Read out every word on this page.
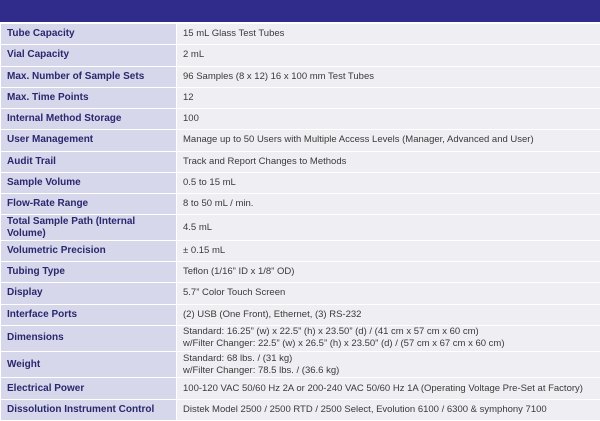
Tube Capacity	15 mL Glass Test Tubes
Vial Capacity	2 mL
Max. Number of Sample Sets	96 Samples (8 x 12) 16 x 100 mm Test Tubes
Max. Time Points	12
Internal Method Storage	100
User Management	Manage up to 50 Users with Multiple Access Levels (Manager, Advanced and User)
Audit Trail	Track and Report Changes to Methods
Sample Volume	0.5 to 15 mL
Flow-Rate Range	8 to 50 mL / min.
Total Sample Path (Internal Volume)	4.5 mL
Volumetric Precision	± 0.15 mL
Tubing Type	Teflon (1/16” ID x 1/8” OD)
Display	5.7” Color Touch Screen
Interface Ports	(2) USB (One Front), Ethernet, (3) RS-232
Dimensions	Standard: 16.25” (w) x 22.5” (h) x 23.50” (d) / (41 cm x 57 cm x 60 cm)
w/Filter Changer: 22.5” (w) x 26.5” (h) x 23.50” (d) / (57 cm x 67 cm x 60 cm)

Weight	Standard: 68 lbs. / (31 kg)
w/Filter Changer: 78.5 lbs. / (36.6 kg)

Electrical Power	100-120 VAC 50/60 Hz 2A or 200-240 VAC 50/60 Hz 1A (Operating Voltage Pre-Set at Factory)
Dissolution Instrument Control	Distek Model 2500 / 2500 RTD / 2500 Select, Evolution 6100 / 6300 & symphony 7100
